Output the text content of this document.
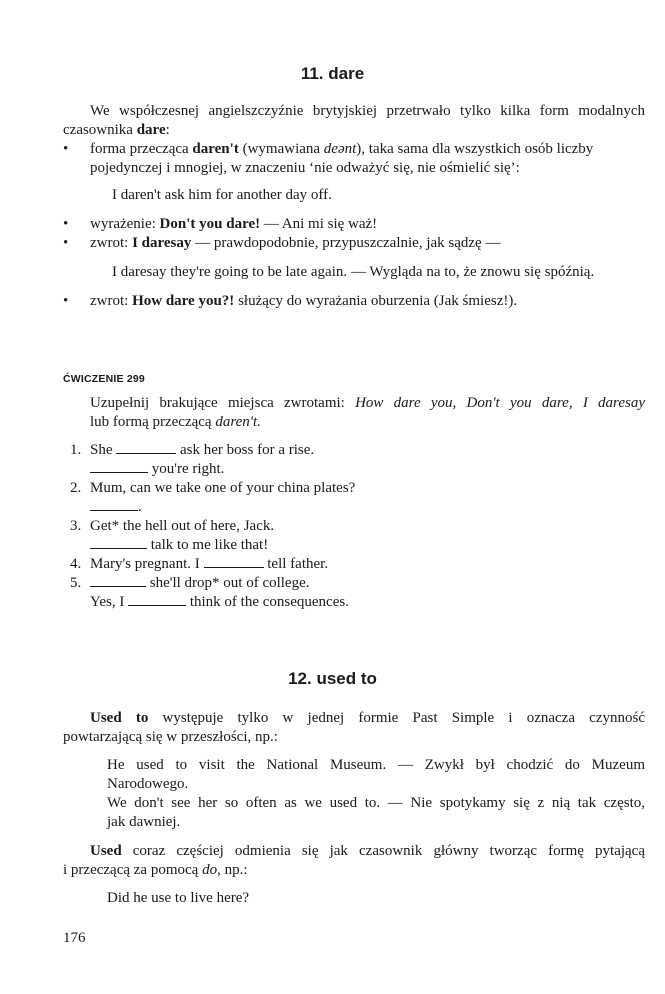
11. dare
We współczesnej angielszczyźnie brytyjskiej przetrwało tylko kilka form modalnych
czasownika dare:
• forma przecząca daren't (wymawiana deənt), taka sama dla wszystkich osób liczby
pojedynczej i mnogiej, w znaczeniu ‘nie odważyć się, nie ośmielić się’:
I daren't ask him for another day off.
• wyrażenie: Don't you dare! — Ani mi się waż!
• zwrot: I daresay — prawdopodobnie, przypuszczalnie, jak sądzę —
I daresay they're going to be late again. — Wygląda na to, że znowu się spóźnią.
• zwrot: How dare you?! służący do wyrażania oburzenia (Jak śmiesz!).
ĆWICZENIE 299
Uzupełnij brakujące miejsca zwrotami: How dare you, Don't you dare, I daresay
lub formą przeczącą daren't.
1. She	ask her boss for a rise.
you're right.
2. Mum, can we take one of your china plates?
.
3. Get* the hell out of here, Jack.
talk to me like that!
4. Mary's pregnant. I	tell father.
5.	she'll drop* out of college.
Yes, I	think of the consequences.
12. used to
Used to występuje tylko w jednej formie Past Simple i oznacza czynność
powtarzającą się w przeszłości, np.:
He used to visit the National Museum. — Zwykł był chodzić do Muzeum
Narodowego.
We don't see her so often as we used to. — Nie spotykamy się z nią tak często,
jak dawniej.
Used coraz częściej odmienia się jak czasownik główny tworząc formę pytającą
i przeczącą za pomocą do, np.:
Did he use to live here?
176
